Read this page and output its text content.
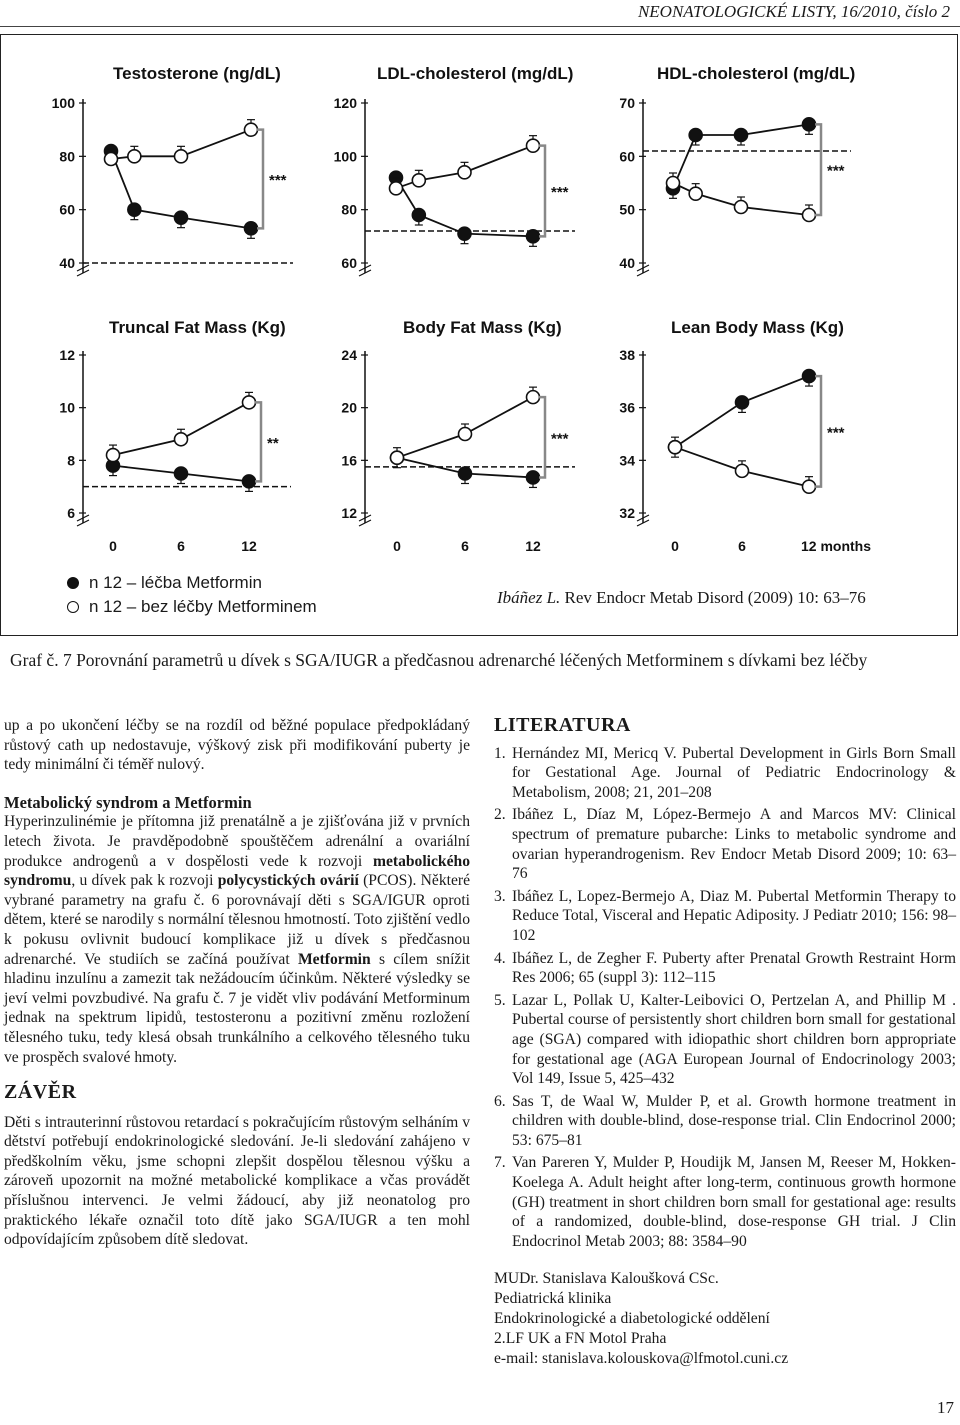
NEONATOLOGICKÉ LISTY, 16/2010, číslo 2
Testosterone (ng/dL)
40
60
80
100
***
LDL-cholesterol (mg/dL)
60
80
100
120
***
HDL-cholesterol (mg/dL)
40
50
60
70
***
Truncal Fat Mass (Kg)
6
8
10
12
0	6	12
**
Body Fat Mass (Kg)
12
16
20
24
0	6	12
***
Lean Body Mass (Kg)
32
34
36
38
0	6	12 months
***
n 12 – léčba Metformin
n 12 – bez léčby Metforminem	Ibáñez L. Rev Endocr Metab Disord (2009) 10: 63–76
Graf č. 7 Porovnání parametrů u dívek s SGA/IUGR a předčasnou adrenarché léčených Metforminem s dívkami bez léčby

up a po ukončení léčby se na rozdíl od běžné populace předpokládaný růstový cath up nedostavuje, výškový zisk při modifikování puberty je tedy minimální či téměř nulový.

Metabolický syndrom a Metformin

Hyperinzulinémie je přítomna již prenatálně a je zjišťována již v prvních letech života. Je pravděpodobně spouštěčem adrenální a ovariální produkce androgenů a v dospělosti vede k rozvoji metabolického syndromu, u dívek pak k rozvoji polycystických ovárií (PCOS). Některé vybrané parametry na grafu č. 6 porovnávají děti s SGA/IGUR oproti dětem, které se narodily s normální tělesnou hmotností. Toto zjištění vedlo k pokusu ovlivnit budoucí komplikace již u dívek s předčasnou adrenarché. Ve studiích se začíná používat Metformin s cílem snížit hladinu inzulínu a zamezit tak nežádoucím účinkům. Některé výsledky se jeví velmi povzbudivé. Na grafu č. 7 je vidět vliv podávání Metforminum jednak na spektrum lipidů, testosteronu a pozitivní změnu rozložení tělesného tuku, tedy klesá obsah trunkálního a celkového tělesného tuku ve prospěch svalové hmoty.

ZÁVĚR

Děti s intrauterinní růstovou retardací s pokračujícím růstovým selháním v dětství potřebují endokrinologické sledování. Je-li sledování zahájeno v předškolním věku, jsme schopni zlepšit dospělou tělesnou výšku a zároveň upozornit na možné metabolické komplikace a včas provádět příslušnou intervenci. Je velmi žádoucí, aby již neonatolog pro praktického lékaře označil toto dítě jako SGA/IUGR a ten mohl odpovídajícím způsobem dítě sledovat.

LITERATURA
1. Hernández MI, Mericq V. Pubertal Development in Girls Born Small for Gestational Age. Journal of Pediatric Endocrinology & Metabolism, 2008; 21, 201–208
2. Ibáñez L, Díaz M, López-Bermejo A and Marcos MV: Clinical spectrum of premature pubarche: Links to metabolic syndrome and ovarian hyperandrogenism. Rev Endocr Metab Disord 2009; 10: 63–76
3. Ibáñez L, Lopez-Bermejo A, Diaz M. Pubertal Metformin Therapy to Reduce Total, Visceral and Hepatic Adiposity. J Pediatr 2010; 156: 98–102
4. Ibáñez L, de Zegher F. Puberty after Prenatal Growth Restraint Horm Res 2006; 65 (suppl 3): 112–115
5. Lazar L, Pollak U, Kalter-Leibovici O, Pertzelan A, and Phillip M . Pubertal course of persistently short children born small for gestational age (SGA) compared with idiopathic short children born appropriate for gestational age (AGA European Journal of Endocrinology 2003; Vol 149, Issue 5, 425–432
6. Sas T, de Waal W, Mulder P, et al. Growth hormone treatment in children with double-blind, dose-response trial. Clin Endocrinol 2000; 53: 675–81
7. Van Pareren Y, Mulder P, Houdijk M, Jansen M, Reeser M, Hokken-Koelega A. Adult height after long-term, continuous growth hormone (GH) treatment in short children born small for gestational age: results of a randomized, double-blind, dose-response GH trial. J Clin Endocrinol Metab 2003; 88: 3584–90
MUDr. Stanislava Kaloušková CSc.
Pediatrická klinika
Endokrinologické a diabetologické oddělení
2.LF UK a FN Motol Praha
e-mail: stanislava.kolouskova@lfmotol.cuni.cz
17
